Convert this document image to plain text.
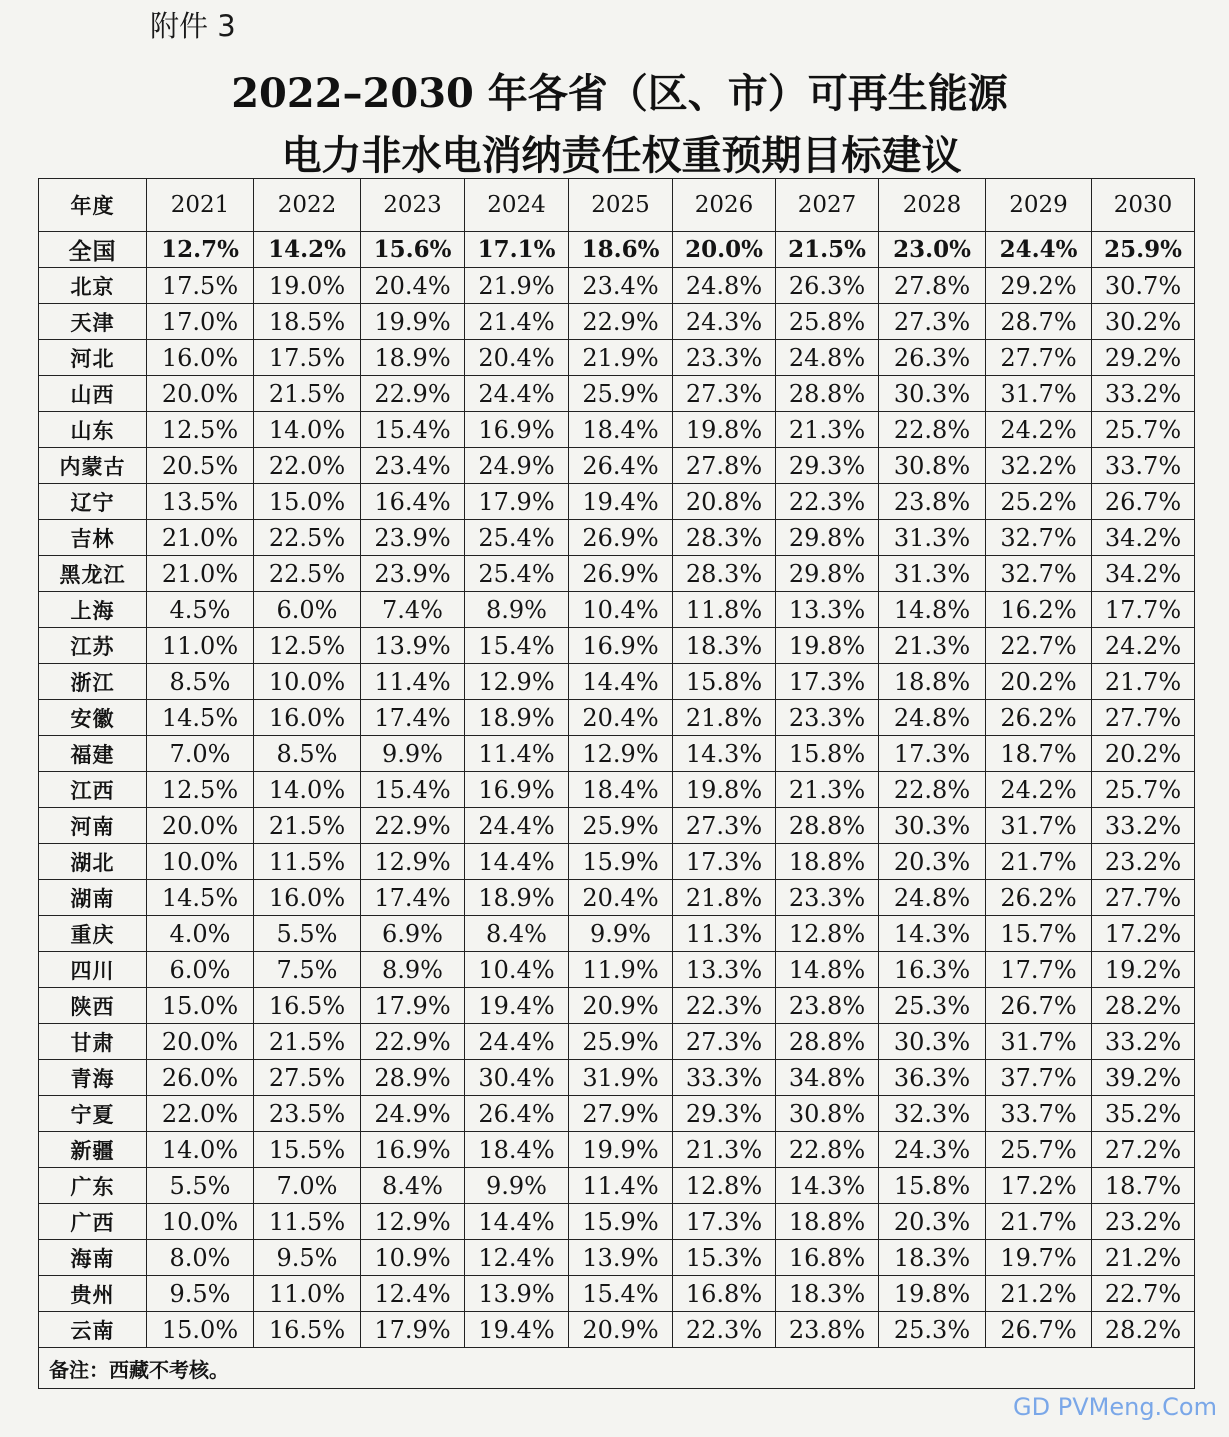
附件 3
2022–2030 年各省（区、市）可再生能源
电力非水电消纳责任权重预期目标建议
年度	2021	2022	2023	2024	2025	2026	2027	2028	2029	2030
全国	12.7%	14.2%	15.6%	17.1%	18.6%	20.0%	21.5%	23.0%	24.4%	25.9%
北京	17.5%	19.0%	20.4%	21.9%	23.4%	24.8%	26.3%	27.8%	29.2%	30.7%
天津	17.0%	18.5%	19.9%	21.4%	22.9%	24.3%	25.8%	27.3%	28.7%	30.2%
河北	16.0%	17.5%	18.9%	20.4%	21.9%	23.3%	24.8%	26.3%	27.7%	29.2%
山西	20.0%	21.5%	22.9%	24.4%	25.9%	27.3%	28.8%	30.3%	31.7%	33.2%
山东	12.5%	14.0%	15.4%	16.9%	18.4%	19.8%	21.3%	22.8%	24.2%	25.7%
内蒙古	20.5%	22.0%	23.4%	24.9%	26.4%	27.8%	29.3%	30.8%	32.2%	33.7%
辽宁	13.5%	15.0%	16.4%	17.9%	19.4%	20.8%	22.3%	23.8%	25.2%	26.7%
吉林	21.0%	22.5%	23.9%	25.4%	26.9%	28.3%	29.8%	31.3%	32.7%	34.2%
黑龙江	21.0%	22.5%	23.9%	25.4%	26.9%	28.3%	29.8%	31.3%	32.7%	34.2%
上海	4.5%	6.0%	7.4%	8.9%	10.4%	11.8%	13.3%	14.8%	16.2%	17.7%
江苏	11.0%	12.5%	13.9%	15.4%	16.9%	18.3%	19.8%	21.3%	22.7%	24.2%
浙江	8.5%	10.0%	11.4%	12.9%	14.4%	15.8%	17.3%	18.8%	20.2%	21.7%
安徽	14.5%	16.0%	17.4%	18.9%	20.4%	21.8%	23.3%	24.8%	26.2%	27.7%
福建	7.0%	8.5%	9.9%	11.4%	12.9%	14.3%	15.8%	17.3%	18.7%	20.2%
江西	12.5%	14.0%	15.4%	16.9%	18.4%	19.8%	21.3%	22.8%	24.2%	25.7%
河南	20.0%	21.5%	22.9%	24.4%	25.9%	27.3%	28.8%	30.3%	31.7%	33.2%
湖北	10.0%	11.5%	12.9%	14.4%	15.9%	17.3%	18.8%	20.3%	21.7%	23.2%
湖南	14.5%	16.0%	17.4%	18.9%	20.4%	21.8%	23.3%	24.8%	26.2%	27.7%
重庆	4.0%	5.5%	6.9%	8.4%	9.9%	11.3%	12.8%	14.3%	15.7%	17.2%
四川	6.0%	7.5%	8.9%	10.4%	11.9%	13.3%	14.8%	16.3%	17.7%	19.2%
陕西	15.0%	16.5%	17.9%	19.4%	20.9%	22.3%	23.8%	25.3%	26.7%	28.2%
甘肃	20.0%	21.5%	22.9%	24.4%	25.9%	27.3%	28.8%	30.3%	31.7%	33.2%
青海	26.0%	27.5%	28.9%	30.4%	31.9%	33.3%	34.8%	36.3%	37.7%	39.2%
宁夏	22.0%	23.5%	24.9%	26.4%	27.9%	29.3%	30.8%	32.3%	33.7%	35.2%
新疆	14.0%	15.5%	16.9%	18.4%	19.9%	21.3%	22.8%	24.3%	25.7%	27.2%
广东	5.5%	7.0%	8.4%	9.9%	11.4%	12.8%	14.3%	15.8%	17.2%	18.7%
广西	10.0%	11.5%	12.9%	14.4%	15.9%	17.3%	18.8%	20.3%	21.7%	23.2%
海南	8.0%	9.5%	10.9%	12.4%	13.9%	15.3%	16.8%	18.3%	19.7%	21.2%
贵州	9.5%	11.0%	12.4%	13.9%	15.4%	16.8%	18.3%	19.8%	21.2%	22.7%
云南	15.0%	16.5%	17.9%	19.4%	20.9%	22.3%	23.8%	25.3%	26.7%	28.2%
备注：西藏不考核。										
GD PVMeng.Com
